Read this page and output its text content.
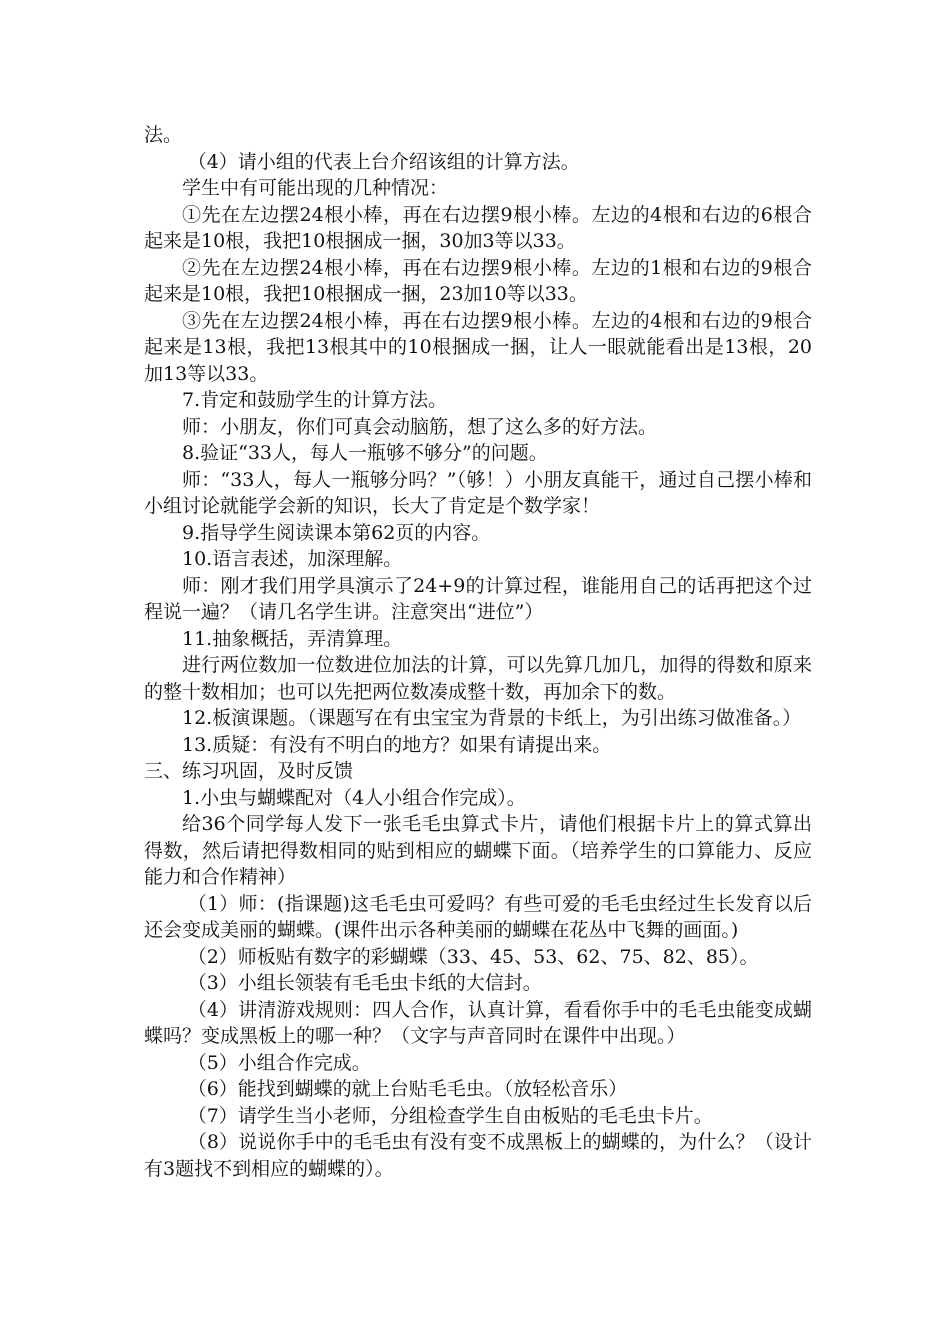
法。

（4）请小组的代表上台介绍该组的计算方法。

学生中有可能出现的几种情况：

①先在左边摆24根小棒，再在右边摆9根小棒。左边的4根和右边的6根合起来是10根，我把10根捆成一捆，30加3等以33。

②先在左边摆24根小棒，再在右边摆9根小棒。左边的1根和右边的9根合起来是10根，我把10根捆成一捆，23加10等以33。

③先在左边摆24根小棒，再在右边摆9根小棒。左边的4根和右边的9根合起来是13根，我把13根其中的10根捆成一捆，让人一眼就能看出是13根，20加13等以33。

7.肯定和鼓励学生的计算方法。

师：小朋友，你们可真会动脑筋，想了这么多的好方法。

8.验证“33人，每人一瓶够不够分”的问题。

师：“33人，每人一瓶够分吗？”（够！）小朋友真能干，通过自己摆小棒和小组讨论就能学会新的知识，长大了肯定是个数学家！

9.指导学生阅读课本第62页的内容。

10.语言表述，加深理解。

师：刚才我们用学具演示了24+9的计算过程，谁能用自己的话再把这个过程说一遍？（请几名学生讲。注意突出“进位”）

11.抽象概括，弄清算理。

进行两位数加一位数进位加法的计算，可以先算几加几，加得的得数和原来的整十数相加；也可以先把两位数凑成整十数，再加余下的数。

12.板演课题。（课题写在有虫宝宝为背景的卡纸上，为引出练习做准备。）

13.质疑：有没有不明白的地方？如果有请提出来。

三、练习巩固，及时反馈

1.小虫与蝴蝶配对（4人小组合作完成）。

给36个同学每人发下一张毛毛虫算式卡片，请他们根据卡片上的算式算出得数，然后请把得数相同的贴到相应的蝴蝶下面。（培养学生的口算能力、反应能力和合作精神）

（1）师：(指课题)这毛毛虫可爱吗？有些可爱的毛毛虫经过生长发育以后还会变成美丽的蝴蝶。(课件出示各种美丽的蝴蝶在花丛中飞舞的画面。)

（2）师板贴有数字的彩蝴蝶（33、45、53、62、75、82、85）。

（3）小组长领装有毛毛虫卡纸的大信封。

（4）讲清游戏规则：四人合作，认真计算，看看你手中的毛毛虫能变成蝴蝶吗？变成黑板上的哪一种？（文字与声音同时在课件中出现。）

（5）小组合作完成。

（6）能找到蝴蝶的就上台贴毛毛虫。（放轻松音乐）

（7）请学生当小老师，分组检查学生自由板贴的毛毛虫卡片。

（8）说说你手中的毛毛虫有没有变不成黑板上的蝴蝶的，为什么？（设计有3题找不到相应的蝴蝶的）。
